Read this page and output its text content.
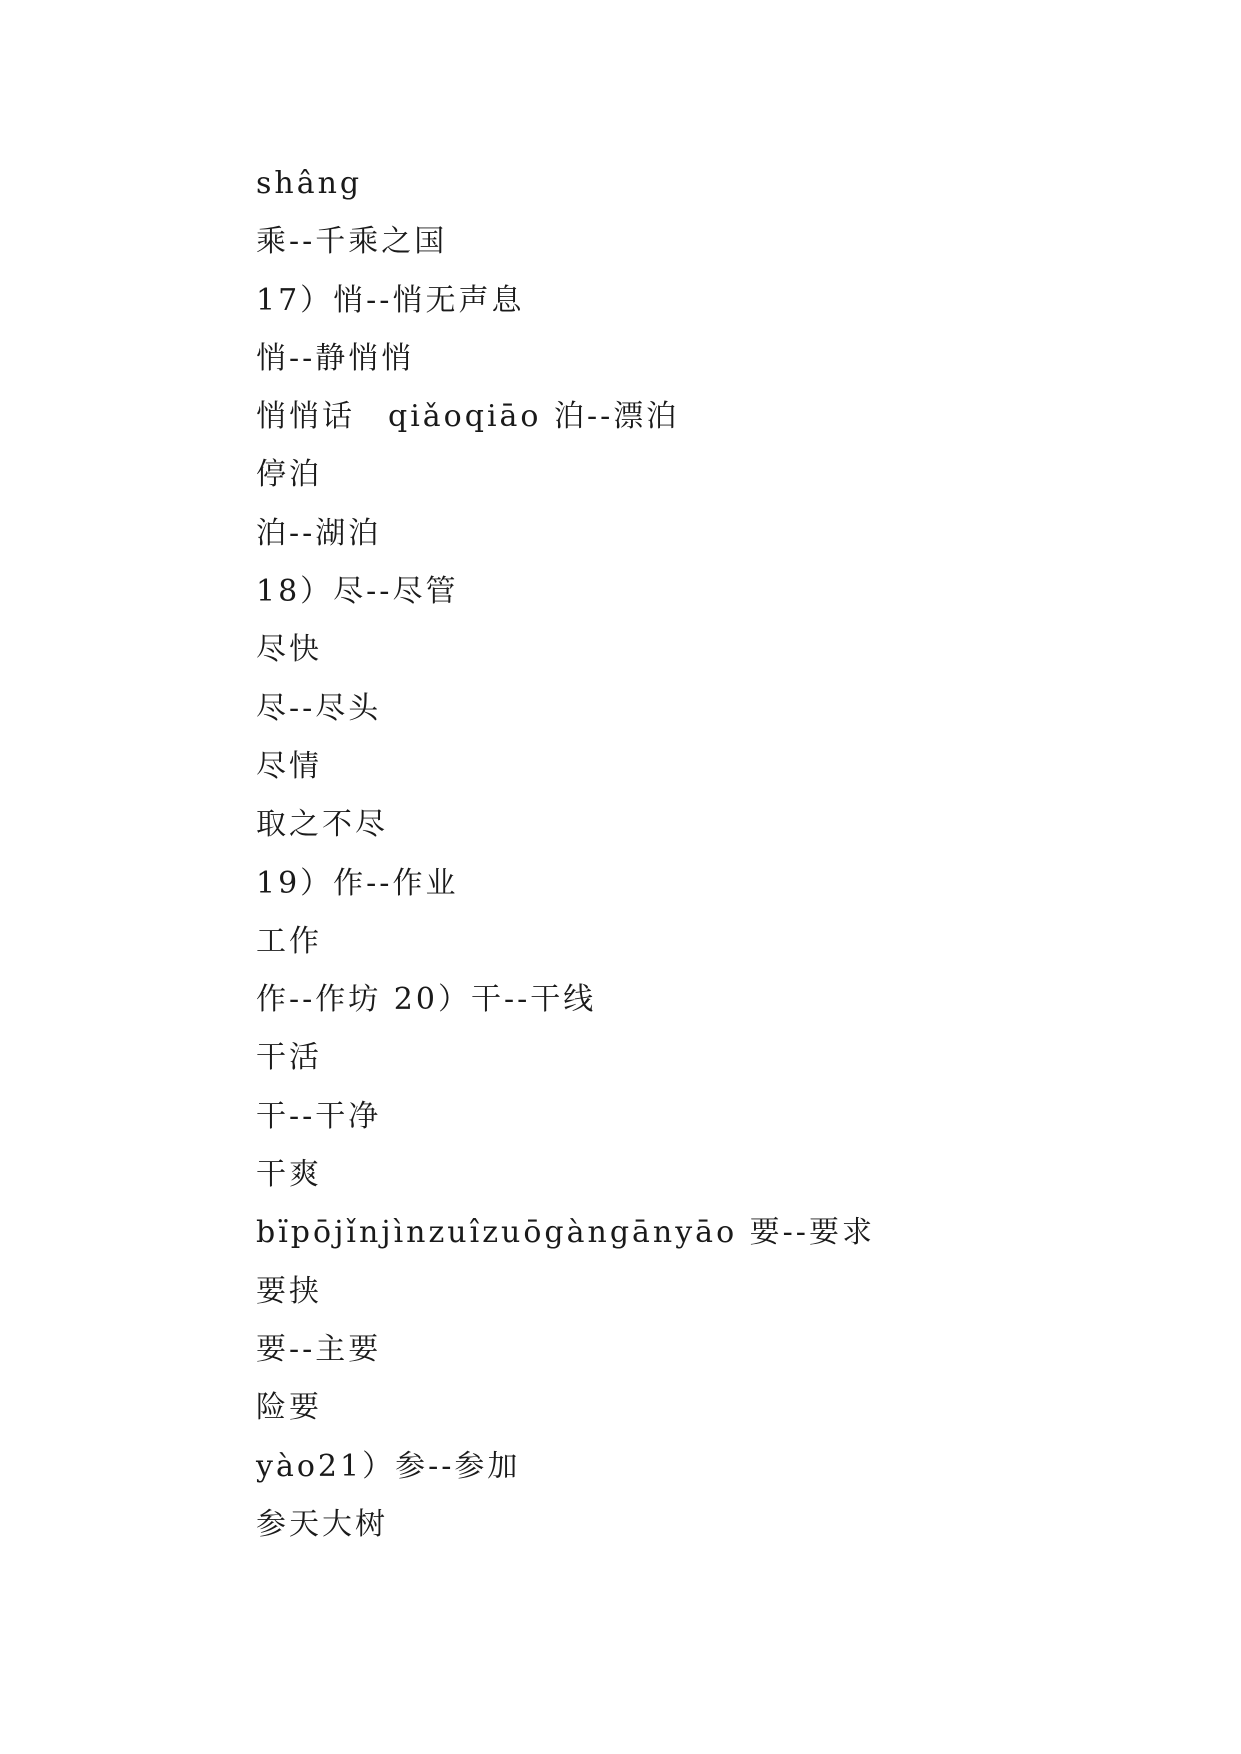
shâng
乘--千乘之国
17）悄--悄无声息
悄--静悄悄
悄悄话　qiǎoqiāo 泊--漂泊
停泊
泊--湖泊
18）尽--尽管
尽快
尽--尽头
尽情
取之不尽
19）作--作业
工作
作--作坊 20）干--干线
干活
干--干净
干爽
bïpōjǐnjìnzuîzuōgàngānyāo 要--要求
要挟
要--主要
险要
yào21）参--参加
参天大树
